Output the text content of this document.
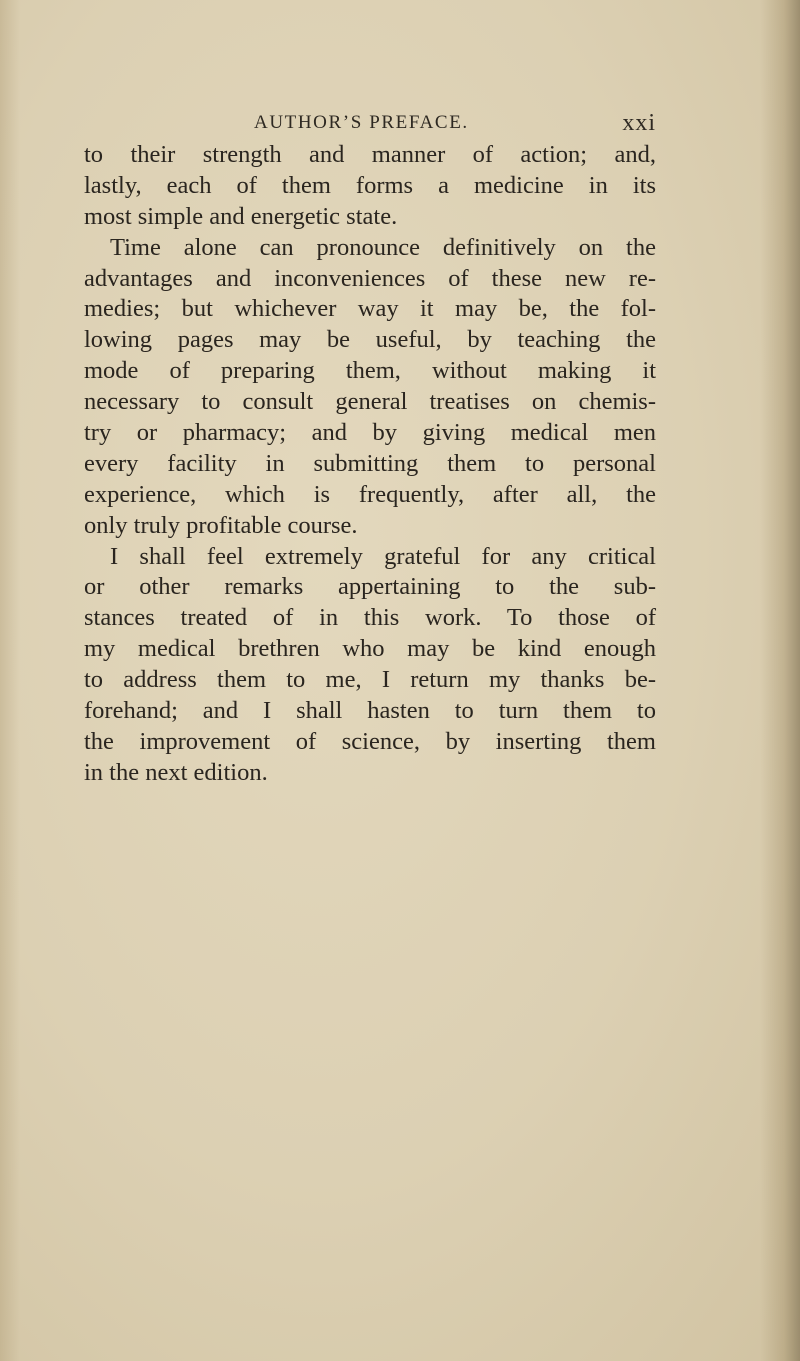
AUTHOR’S PREFACE.	xxi
to their strength and manner of action; and,
lastly, each of them forms a medicine in its
most simple and energetic state.
Time alone can pronounce definitively on the
advantages and inconveniences of these new re-
medies; but whichever way it may be, the fol-
lowing pages may be useful, by teaching the
mode of preparing them, without making it
necessary to consult general treatises on chemis-
try or pharmacy; and by giving medical men
every facility in submitting them to personal
experience, which is frequently, after all, the
only truly profitable course.
I shall feel extremely grateful for any critical
or other remarks appertaining to the sub-
stances treated of in this work. To those of
my medical brethren who may be kind enough
to address them to me, I return my thanks be-
forehand; and I shall hasten to turn them to
the improvement of science, by inserting them
in the next edition.
